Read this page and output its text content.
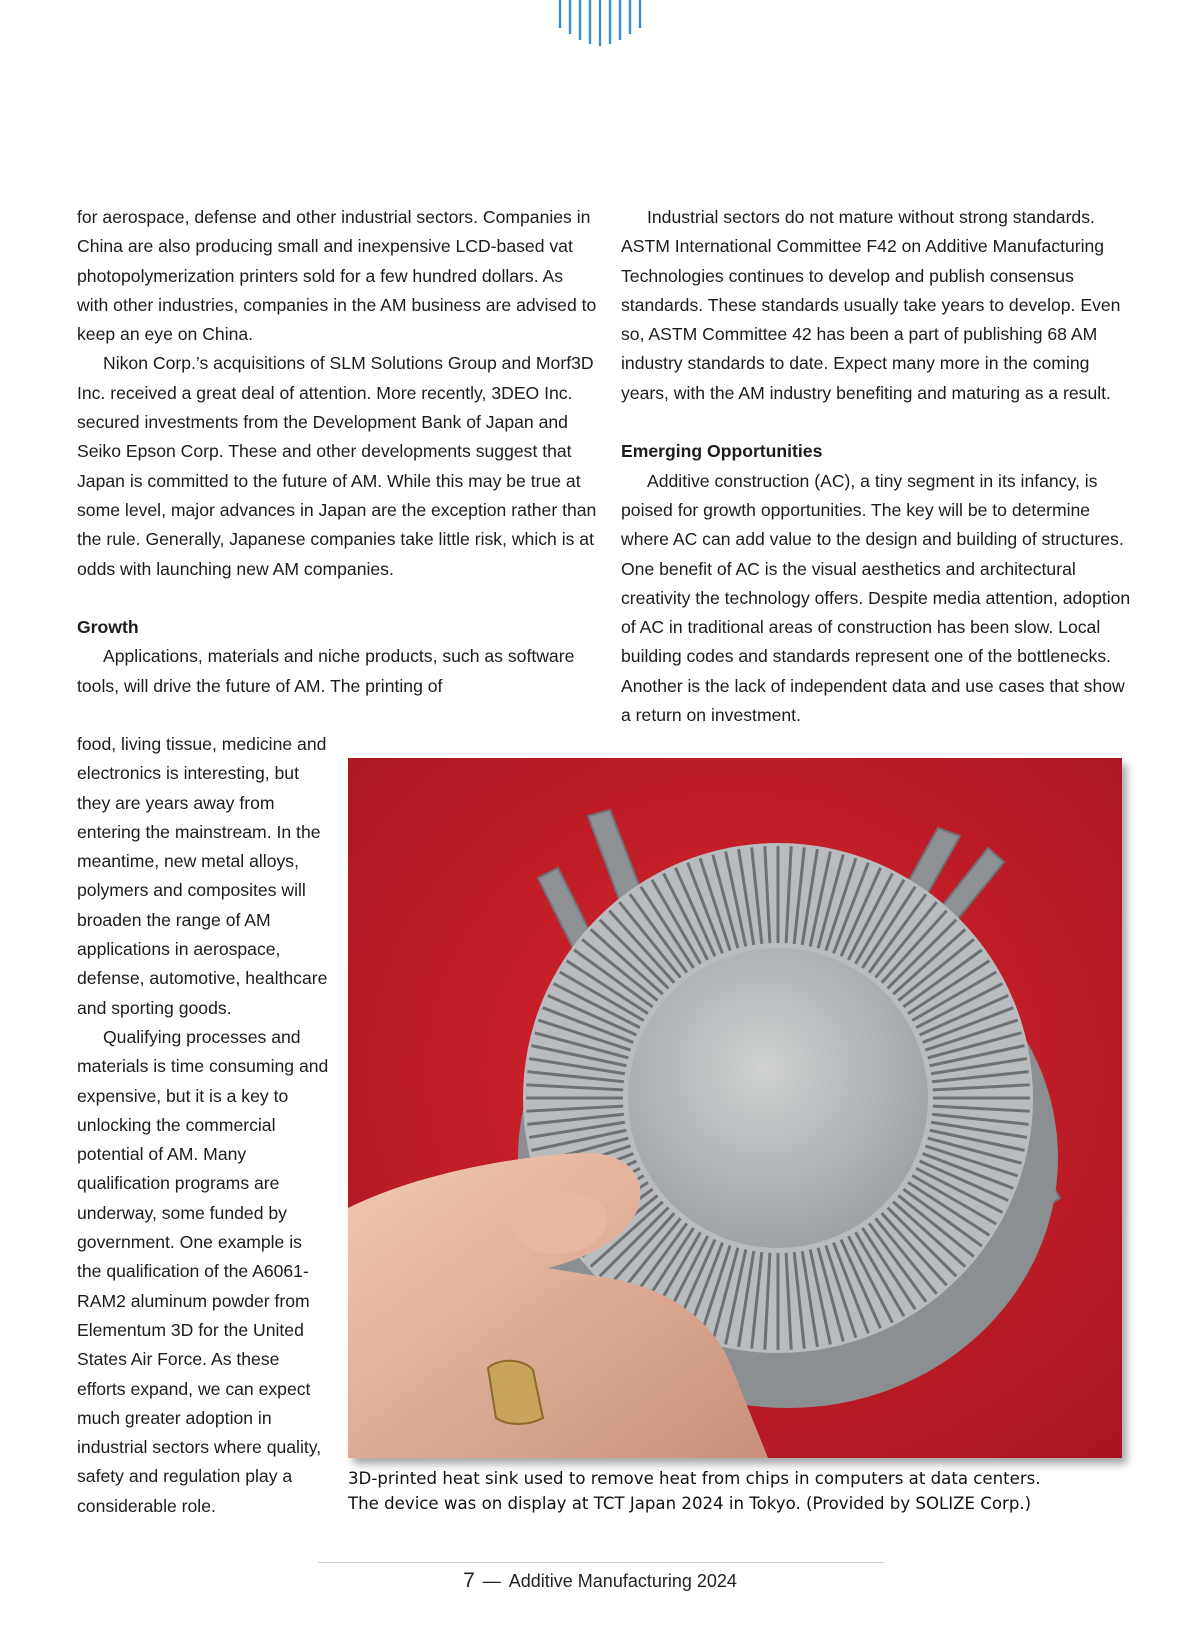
for aerospace, defense and other industrial sectors. Companies in China are also producing small and inexpensive LCD-based vat photopolymerization printers sold for a few hundred dollars. As with other industries, companies in the AM business are advised to keep an eye on China.

Nikon Corp.’s acquisitions of SLM Solutions Group and Morf3D Inc. received a great deal of attention. More recently, 3DEO Inc. secured investments from the Development Bank of Japan and Seiko Epson Corp. These and other developments suggest that Japan is committed to the future of AM. While this may be true at some level, major advances in Japan are the exception rather than the rule. Generally, Japanese companies take little risk, which is at odds with launching new AM companies.

Growth

Applications, materials and niche products, such as software tools, will drive the future of AM. The printing of

food, living tissue, medicine and electronics is interesting, but they are years away from entering the mainstream. In the meantime, new metal alloys, polymers and composites will broaden the range of AM applications in aerospace, defense, automotive, healthcare and sporting goods.

Qualifying processes and materials is time consuming and expensive, but it is a key to unlocking the commercial potential of AM. Many qualification programs are underway, some funded by government. One example is the qualification of the A6061-RAM2 aluminum powder from Elementum 3D for the United States Air Force. As these efforts expand, we can expect much greater adoption in industrial sectors where quality, safety and regulation play a considerable role.

Industrial sectors do not mature without strong standards. ASTM International Committee F42 on Additive Manufacturing Technologies continues to develop and publish consensus standards. These standards usually take years to develop. Even so, ASTM Committee 42 has been a part of publishing 68 AM industry standards to date. Expect many more in the coming years, with the AM industry benefiting and maturing as a result.

Emerging Opportunities

Additive construction (AC), a tiny segment in its infancy, is poised for growth opportunities. The key will be to determine where AC can add value to the design and building of structures. One benefit of AC is the visual aesthetics and architectural creativity the technology offers. Despite media attention, adoption of AC in traditional areas of construction has been slow. Local building codes and standards represent one of the bottlenecks. Another is the lack of independent data and use cases that show a return on investment.

3D-printed heat sink used to remove heat from chips in computers at data centers.

The device was on display at TCT Japan 2024 in Tokyo. (Provided by SOLIZE Corp.)

7 — Additive Manufacturing 2024
